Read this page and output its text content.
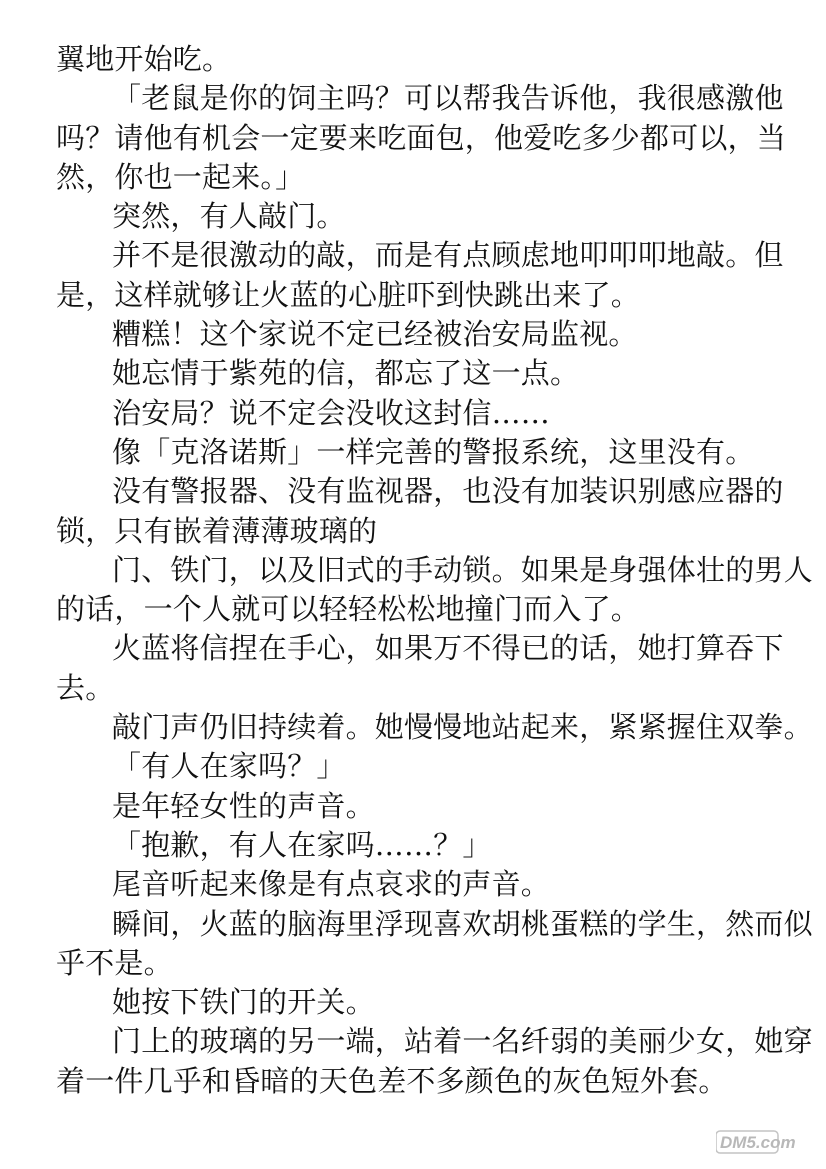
翼地开始吃。

「老鼠是你的饲主吗？可以帮我告诉他，我很感激他

吗？请他有机会一定要来吃面包，他爱吃多少都可以，当

然，你也一起来。」

突然，有人敲门。

并不是很激动的敲，而是有点顾虑地叩叩叩地敲。但

是，这样就够让火蓝的心脏吓到快跳出来了。

糟糕！这个家说不定已经被治安局监视。

她忘情于紫苑的信，都忘了这一点。

治安局？说不定会没收这封信……

像「克洛诺斯」一样完善的警报系统，这里没有。

没有警报器、没有监视器，也没有加装识别感应器的

锁，只有嵌着薄薄玻璃的

门、铁门，以及旧式的手动锁。如果是身强体壮的男人

的话，一个人就可以轻轻松松地撞门而入了。

火蓝将信捏在手心，如果万不得已的话，她打算吞下

去。

敲门声仍旧持续着。她慢慢地站起来，紧紧握住双拳。

「有人在家吗？」

是年轻女性的声音。

「抱歉，有人在家吗……？」

尾音听起来像是有点哀求的声音。

瞬间，火蓝的脑海里浮现喜欢胡桃蛋糕的学生，然而似

乎不是。

她按下铁门的开关。

门上的玻璃的另一端，站着一名纤弱的美丽少女，她穿

着一件几乎和昏暗的天色差不多颜色的灰色短外套。

DM5.com
